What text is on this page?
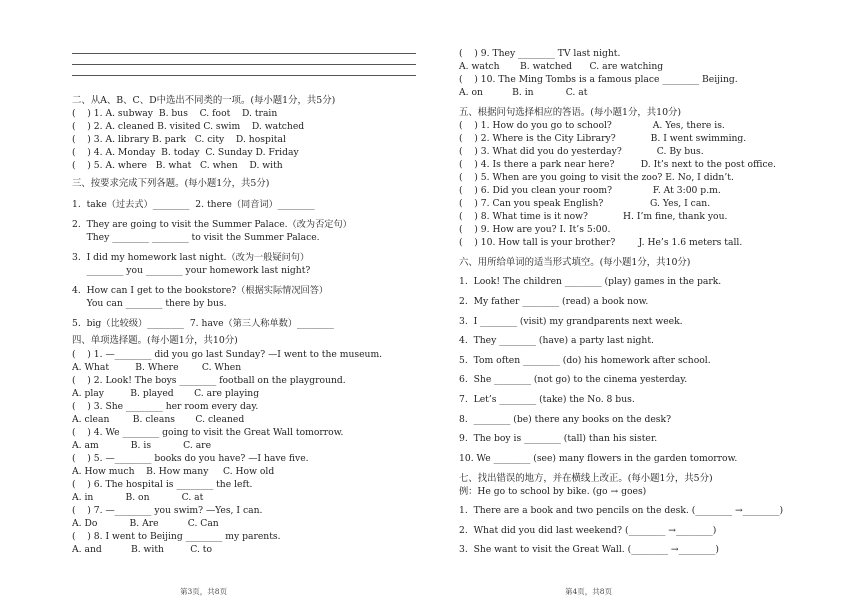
二、从A、B、C、D中选出不同类的一项。(每小题1分，共5分)
(    ) 1. A. subway  B. bus    C. foot    D. train
(    ) 2. A. cleaned B. visited C. swim    D. watched
(    ) 3. A. library B. park   C. city    D. hospital
(    ) 4. A. Monday  B. today  C. Sunday D. Friday
(    ) 5. A. where   B. what   C. when    D. with
三、按要求完成下列各题。(每小题1分，共5分)
1.  take（过去式）________  2. there（同音词）________
2.  They are going to visit the Summer Palace.（改为否定句）
They ________ ________ to visit the Summer Palace.
3.  I did my homework last night.（改为一般疑问句）
________ you ________ your homework last night?
4.  How can I get to the bookstore?（根据实际情况回答）
You can ________ there by bus.
5.  big（比较级）________  7. have（第三人称单数）________
四、单项选择题。(每小题1分，共10分)
(    ) 1. —________ did you go last Sunday? —I went to the museum.
A. What         B. Where        C. When
(    ) 2. Look! The boys ________ football on the playground.
A. play         B. played       C. are playing
(    ) 3. She ________ her room every day.
A. clean        B. cleans       C. cleaned
(    ) 4. We ________ going to visit the Great Wall tomorrow.
A. am           B. is           C. are
(    ) 5. —________ books do you have? —I have five.
A. How much    B. How many     C. How old
(    ) 6. The hospital is ________ the left.
A. in           B. on           C. at
(    ) 7. —________ you swim? —Yes, I can.
A. Do           B. Are          C. Can
(    ) 8. I went to Beijing ________ my parents.
A. and          B. with         C. to
(    ) 9. They ________ TV last night.
A. watch       B. watched      C. are watching
(    ) 10. The Ming Tombs is a famous place ________ Beijing.
A. on          B. in           C. at
五、根据问句选择相应的答语。(每小题1分，共10分)
(    ) 1. How do you go to school?              A. Yes, there is.
(    ) 2. Where is the City Library?            B. I went swimming.
(    ) 3. What did you do yesterday?            C. By bus.
(    ) 4. Is there a park near here?         D. It’s next to the post office.
(    ) 5. When are you going to visit the zoo? E. No, I didn’t.
(    ) 6. Did you clean your room?              F. At 3:00 p.m.
(    ) 7. Can you speak English?                G. Yes, I can.
(    ) 8. What time is it now?            H. I’m fine, thank you.
(    ) 9. How are you? I. It’s 5:00.
(    ) 10. How tall is your brother?        J. He’s 1.6 meters tall.
六、用所给单词的适当形式填空。(每小题1分，共10分)
1.  Look! The children ________ (play) games in the park.
2.  My father ________ (read) a book now.
3.  I ________ (visit) my grandparents next week.
4.  They ________ (have) a party last night.
5.  Tom often ________ (do) his homework after school.
6.  She ________ (not go) to the cinema yesterday.
7.  Let’s ________ (take) the No. 8 bus.
8.  ________ (be) there any books on the desk?
9.  The boy is ________ (tall) than his sister.
10. We ________ (see) many flowers in the garden tomorrow.
七、找出错误的地方，并在横线上改正。(每小题1分，共5分)
例：He go to school by bike. (go → goes)
1.  There are a book and two pencils on the desk. (________ →________)
2.  What did you did last weekend? (________ →________)
3.  She want to visit the Great Wall. (________ →________)
第3页，共8页	第4页，共8页
